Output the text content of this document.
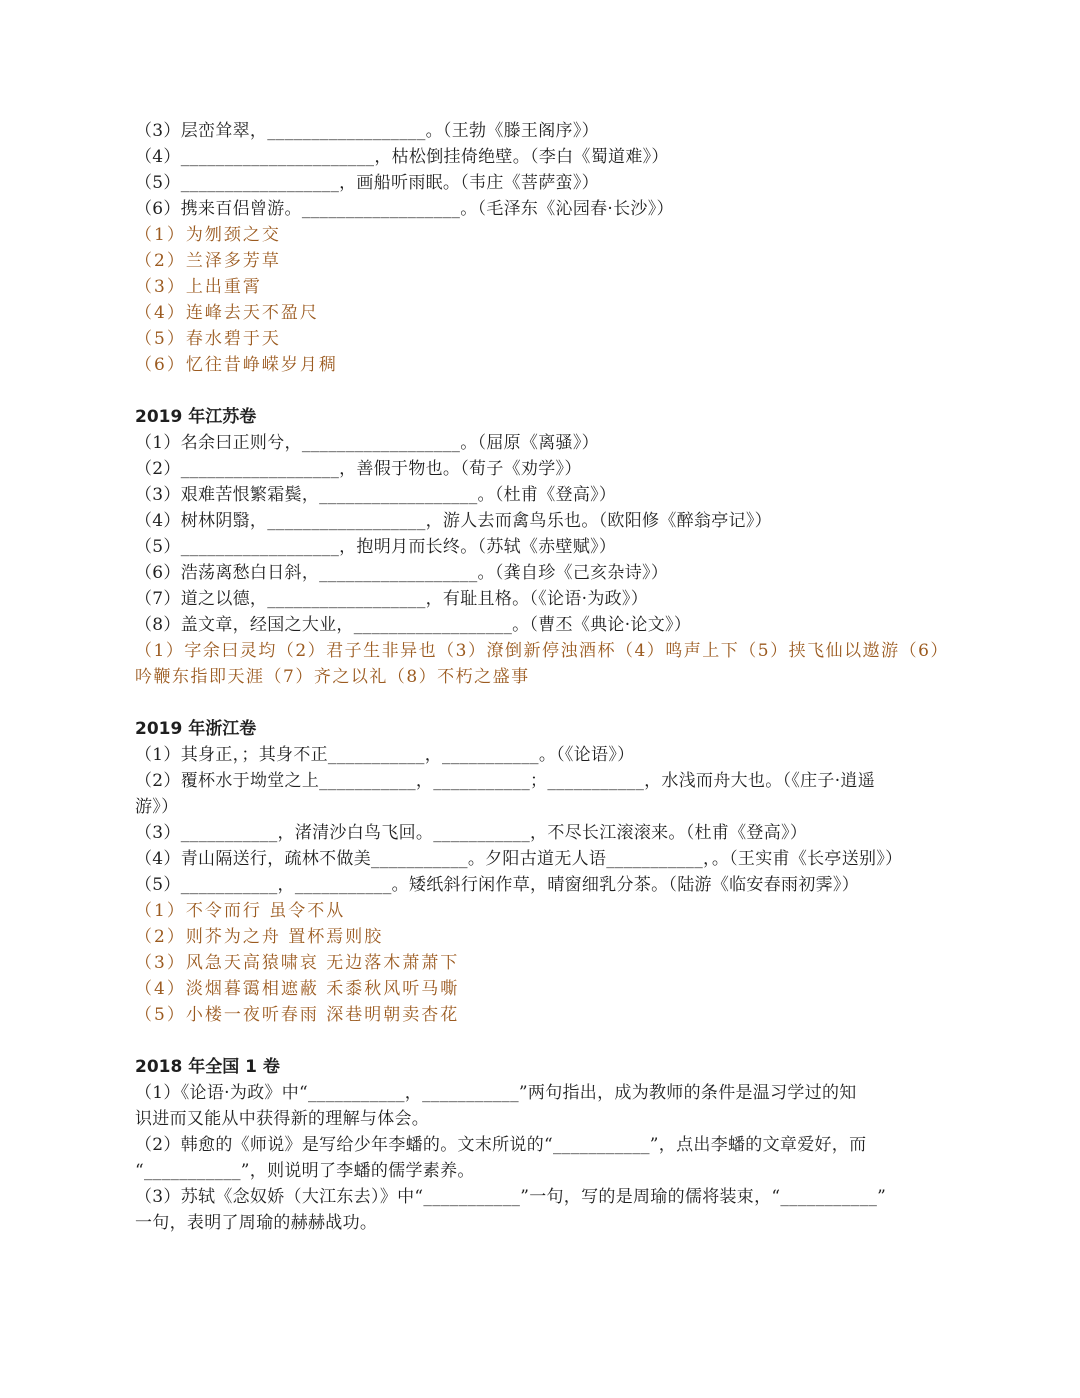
（3）层峦耸翠，__________________。（王勃《滕王阁序》）
（4）______________________，枯松倒挂倚绝壁。（李白《蜀道难》）
（5）__________________，画船听雨眠。（韦庄《菩萨蛮》）
（6）携来百侣曾游。__________________。（毛泽东《沁园春·长沙》）
（1）为刎颈之交
（2）兰泽多芳草
（3）上出重霄
（4）连峰去天不盈尺
（5）春水碧于天
（6）忆往昔峥嵘岁月稠
2019 年江苏卷
（1）名余曰正则兮，__________________。（屈原《离骚》）
（2）__________________，善假于物也。（荀子《劝学》）
（3）艰难苦恨繁霜鬓，__________________。（杜甫《登高》）
（4）树林阴翳，__________________，游人去而禽鸟乐也。（欧阳修《醉翁亭记》）
（5）__________________，抱明月而长终。（苏轼《赤壁赋》）
（6）浩荡离愁白日斜，__________________。（龚自珍《己亥杂诗》）
（7）道之以德，__________________，有耻且格。（《论语·为政》）
（8）盖文章，经国之大业，__________________。（曹丕《典论·论文》）
（1）字余曰灵均（2）君子生非异也（3）潦倒新停浊酒杯（4）鸣声上下（5）挟飞仙以遨游（6）
吟鞭东指即天涯（7）齐之以礼（8）不朽之盛事
2019 年浙江卷
（1）其身正，；其身不正___________，___________。（《论语》）
（2）覆杯水于坳堂之上___________，___________；___________，水浅而舟大也。（《庄子·逍遥
游》）
（3）___________，渚清沙白鸟飞回。___________，不尽长江滚滚来。（杜甫《登高》）
（4）青山隔送行，疏林不做美___________。夕阳古道无人语___________，。（王实甫《长亭送别》）
（5）___________，___________。矮纸斜行闲作草，晴窗细乳分茶。（陆游《临安春雨初霁》）
（1）不令而行 虽令不从
（2）则芥为之舟 置杯焉则胶
（3）风急天高猿啸哀 无边落木萧萧下
（4）淡烟暮霭相遮蔽 禾黍秋风听马嘶
（5）小楼一夜听春雨 深巷明朝卖杏花
2018 年全国 1 卷
（1）《论语·为政》中“___________，___________”两句指出，成为教师的条件是温习学过的知
识进而又能从中获得新的理解与体会。
（2）韩愈的《师说》是写给少年李蟠的。文末所说的“___________”，点出李蟠的文章爱好，而
“___________”，则说明了李蟠的儒学素养。
（3）苏轼《念奴娇（大江东去）》中“___________”一句，写的是周瑜的儒将装束，“___________”
一句，表明了周瑜的赫赫战功。
